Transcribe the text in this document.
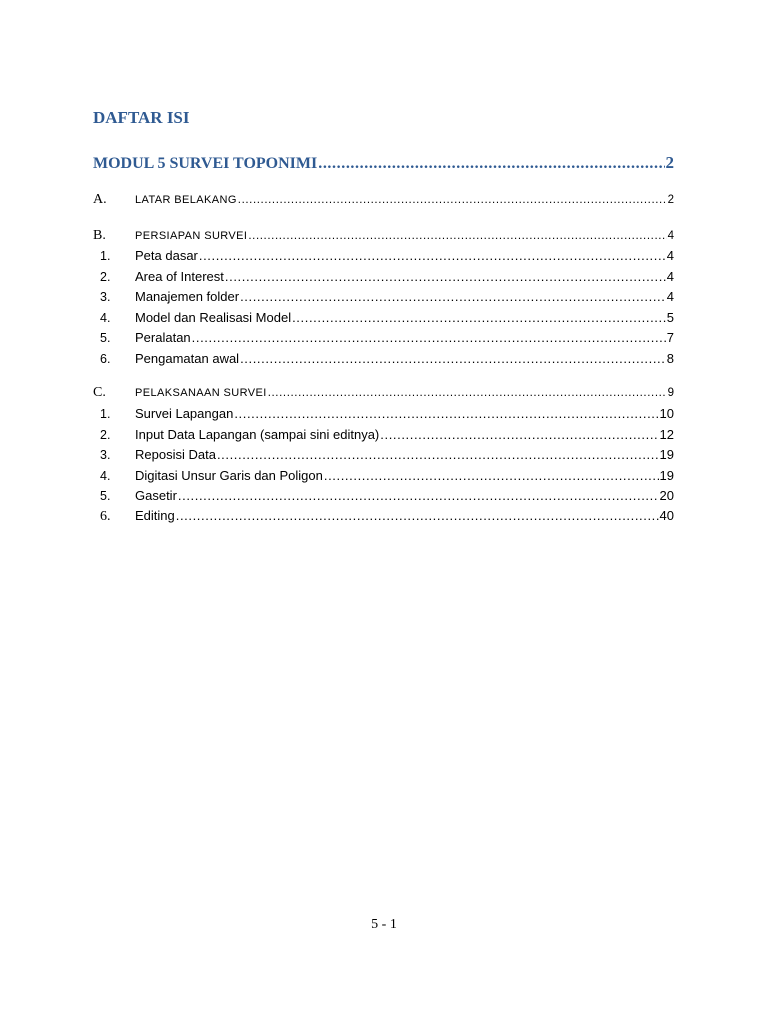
DAFTAR ISI
MODUL 5 SURVEI TOPONIMI .....	2
A.	LATAR BELAKANG .....	2
B.	PERSIAPAN SURVEI .....	4
1.	Peta dasar .....	4
2.	Area of Interest .....	4
3.	Manajemen folder .....	4
4.	Model dan Realisasi Model .....	5
5.	Peralatan .....	7
6.	Pengamatan awal .....	8
C.	PELAKSANAAN SURVEI .....	9
1.	Survei Lapangan .....	10
2.	Input Data Lapangan (sampai sini editnya) .....	12
3.	Reposisi Data .....	19
4.	Digitasi Unsur Garis dan Poligon .....	19
5.	Gasetir .....	20
6.	Editing .....	40
5 - 1
